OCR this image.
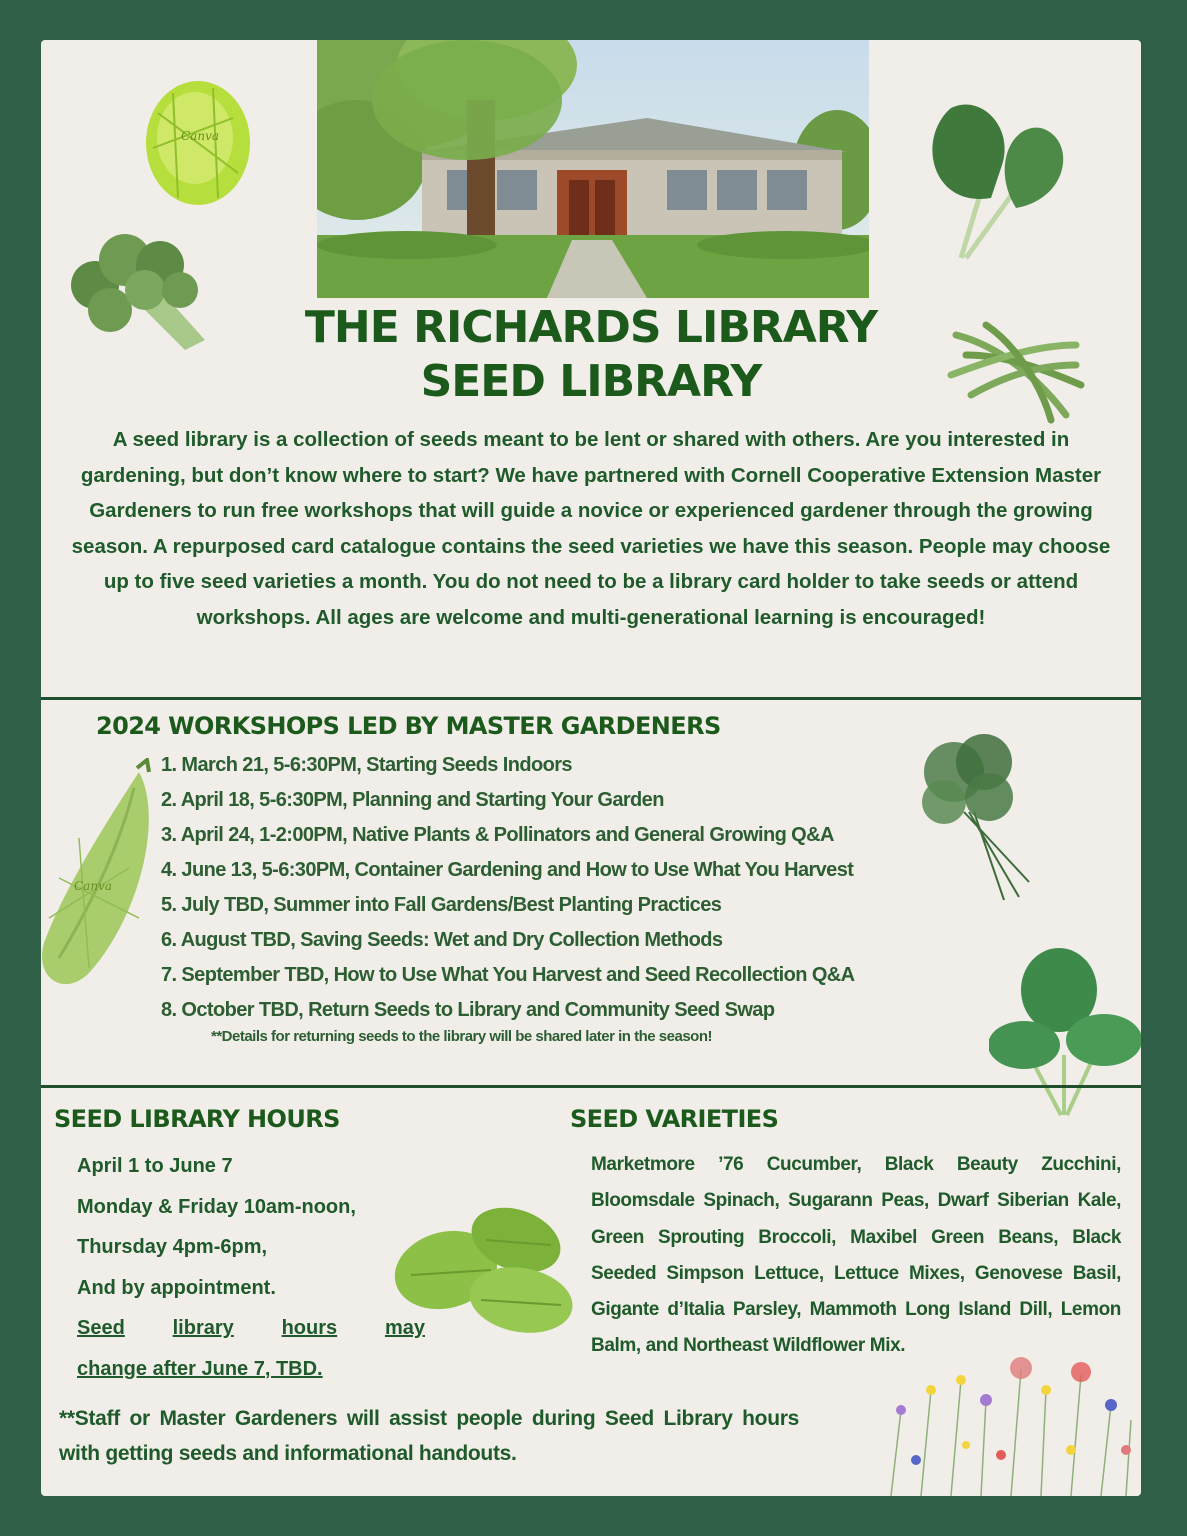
Canva
THE RICHARDS LIBRARY
SEED LIBRARY

A seed library is a collection of seeds meant to be lent or shared with others. Are you interested in gardening, but don’t know where to start? We have partnered with Cornell Cooperative Extension Master Gardeners to run free workshops that will guide a novice or experienced gardener through the growing season. A repurposed card catalogue contains the seed varieties we have this season. People may choose up to five seed varieties a month. You do not need to be a library card holder to take seeds or attend workshops. All ages are welcome and multi-generational learning is encouraged!

2024 WORKSHOPS LED BY MASTER GARDENERS
1. March 21, 5-6:30PM, Starting Seeds Indoors
2. April 18, 5-6:30PM, Planning and Starting Your Garden
3. April 24, 1-2:00PM, Native Plants & Pollinators and General Growing Q&A
4. June 13, 5-6:30PM, Container Gardening and How to Use What You Harvest
5. July TBD, Summer into Fall Gardens/Best Planting Practices
6. August TBD, Saving Seeds: Wet and Dry Collection Methods
7. September TBD, How to Use What You Harvest and Seed Recollection Q&A
8. October TBD, Return Seeds to Library and Community Seed Swap

**Details for returning seeds to the library will be shared later in the season!

Canva
SEED LIBRARY HOURS	SEED VARIETIES
April 1 to June 7
Monday & Friday 10am-noon,
Thursday 4pm-6pm,
And by appointment.
Seed library hours may
change after June 7, TBD.

Marketmore ’76 Cucumber, Black Beauty Zucchini, Bloomsdale Spinach, Sugarann Peas, Dwarf Siberian Kale, Green Sprouting Broccoli, Maxibel Green Beans, Black Seeded Simpson Lettuce, Lettuce Mixes, Genovese Basil, Gigante d’Italia Parsley, Mammoth Long Island Dill, Lemon Balm, and Northeast Wildflower Mix.

**Staff or Master Gardeners will assist people during Seed Library hours with getting seeds and informational handouts.
